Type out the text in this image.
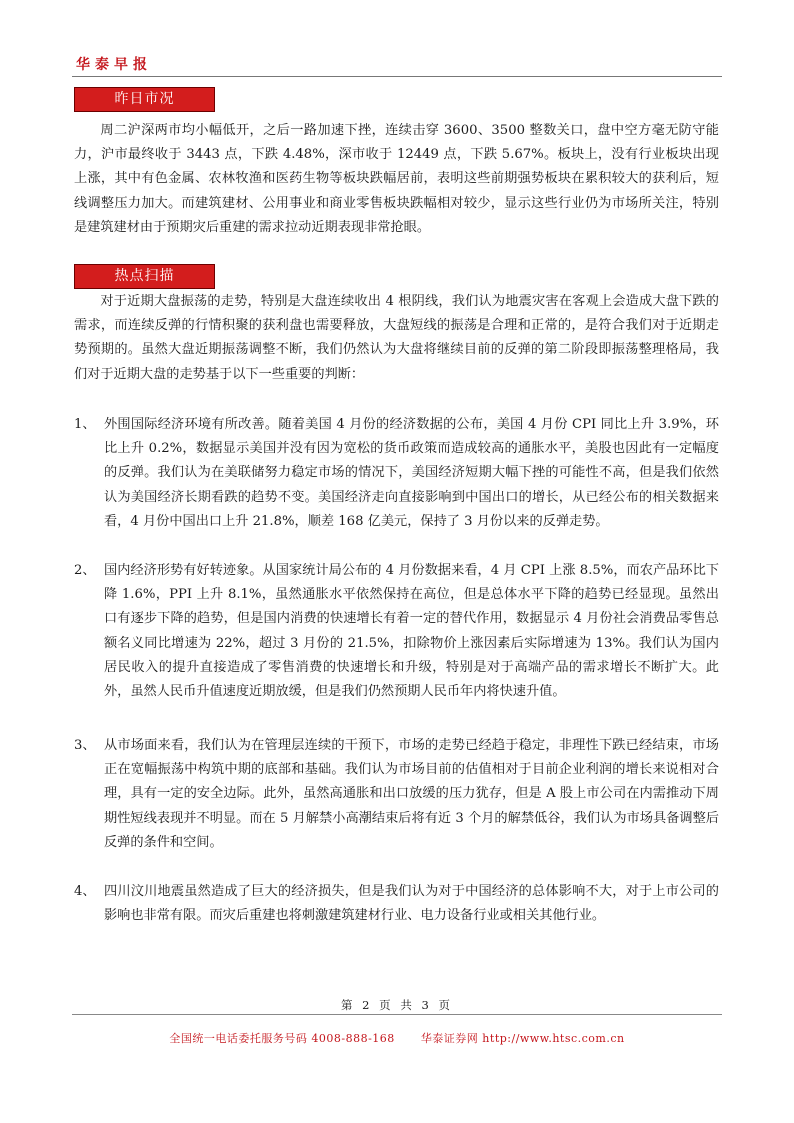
华泰早报
昨日市况
周二沪深两市均小幅低开，之后一路加速下挫，连续击穿 3600、3500 整数关口，盘中空方毫无防守能力，沪市最终收于 3443 点，下跌 4.48%，深市收于 12449 点，下跌 5.67%。板块上，没有行业板块出现上涨，其中有色金属、农林牧渔和医药生物等板块跌幅居前，表明这些前期强势板块在累积较大的获利后，短线调整压力加大。而建筑建材、公用事业和商业零售板块跌幅相对较少，显示这些行业仍为市场所关注，特别是建筑建材由于预期灾后重建的需求拉动近期表现非常抢眼。
热点扫描
对于近期大盘振荡的走势，特别是大盘连续收出 4 根阴线，我们认为地震灾害在客观上会造成大盘下跌的需求，而连续反弹的行情积聚的获利盘也需要释放，大盘短线的振荡是合理和正常的，是符合我们对于近期走势预期的。虽然大盘近期振荡调整不断，我们仍然认为大盘将继续目前的反弹的第二阶段即振荡整理格局，我们对于近期大盘的走势基于以下一些重要的判断：
1、 外围国际经济环境有所改善。随着美国 4 月份的经济数据的公布，美国 4 月份 CPI 同比上升 3.9%，环比上升 0.2%，数据显示美国并没有因为宽松的货币政策而造成较高的通胀水平，美股也因此有一定幅度的反弹。我们认为在美联储努力稳定市场的情况下，美国经济短期大幅下挫的可能性不高，但是我们依然认为美国经济长期看跌的趋势不变。美国经济走向直接影响到中国出口的增长，从已经公布的相关数据来看，4 月份中国出口上升 21.8%，顺差 168 亿美元，保持了 3 月份以来的反弹走势。
2、 国内经济形势有好转迹象。从国家统计局公布的 4 月份数据来看，4 月 CPI 上涨 8.5%，而农产品环比下降 1.6%，PPI 上升 8.1%，虽然通胀水平依然保持在高位，但是总体水平下降的趋势已经显现。虽然出口有逐步下降的趋势，但是国内消费的快速增长有着一定的替代作用，数据显示 4 月份社会消费品零售总额名义同比增速为 22%，超过 3 月份的 21.5%，扣除物价上涨因素后实际增速为 13%。我们认为国内居民收入的提升直接造成了零售消费的快速增长和升级，特别是对于高端产品的需求增长不断扩大。此外，虽然人民币升值速度近期放缓，但是我们仍然预期人民币年内将快速升值。
3、 从市场面来看，我们认为在管理层连续的干预下，市场的走势已经趋于稳定，非理性下跌已经结束，市场正在宽幅振荡中构筑中期的底部和基础。我们认为市场目前的估值相对于目前企业利润的增长来说相对合理，具有一定的安全边际。此外，虽然高通胀和出口放缓的压力犹存，但是 A 股上市公司在内需推动下周期性短线表现并不明显。而在 5 月解禁小高潮结束后将有近 3 个月的解禁低谷，我们认为市场具备调整后反弹的条件和空间。
4、 四川汶川地震虽然造成了巨大的经济损失，但是我们认为对于中国经济的总体影响不大，对于上市公司的影响也非常有限。而灾后重建也将刺激建筑建材行业、电力设备行业或相关其他行业。
第 2 页 共 3 页
全国统一电话委托服务号码 4008-888-168 华泰证券网 http://www.htsc.com.cn
